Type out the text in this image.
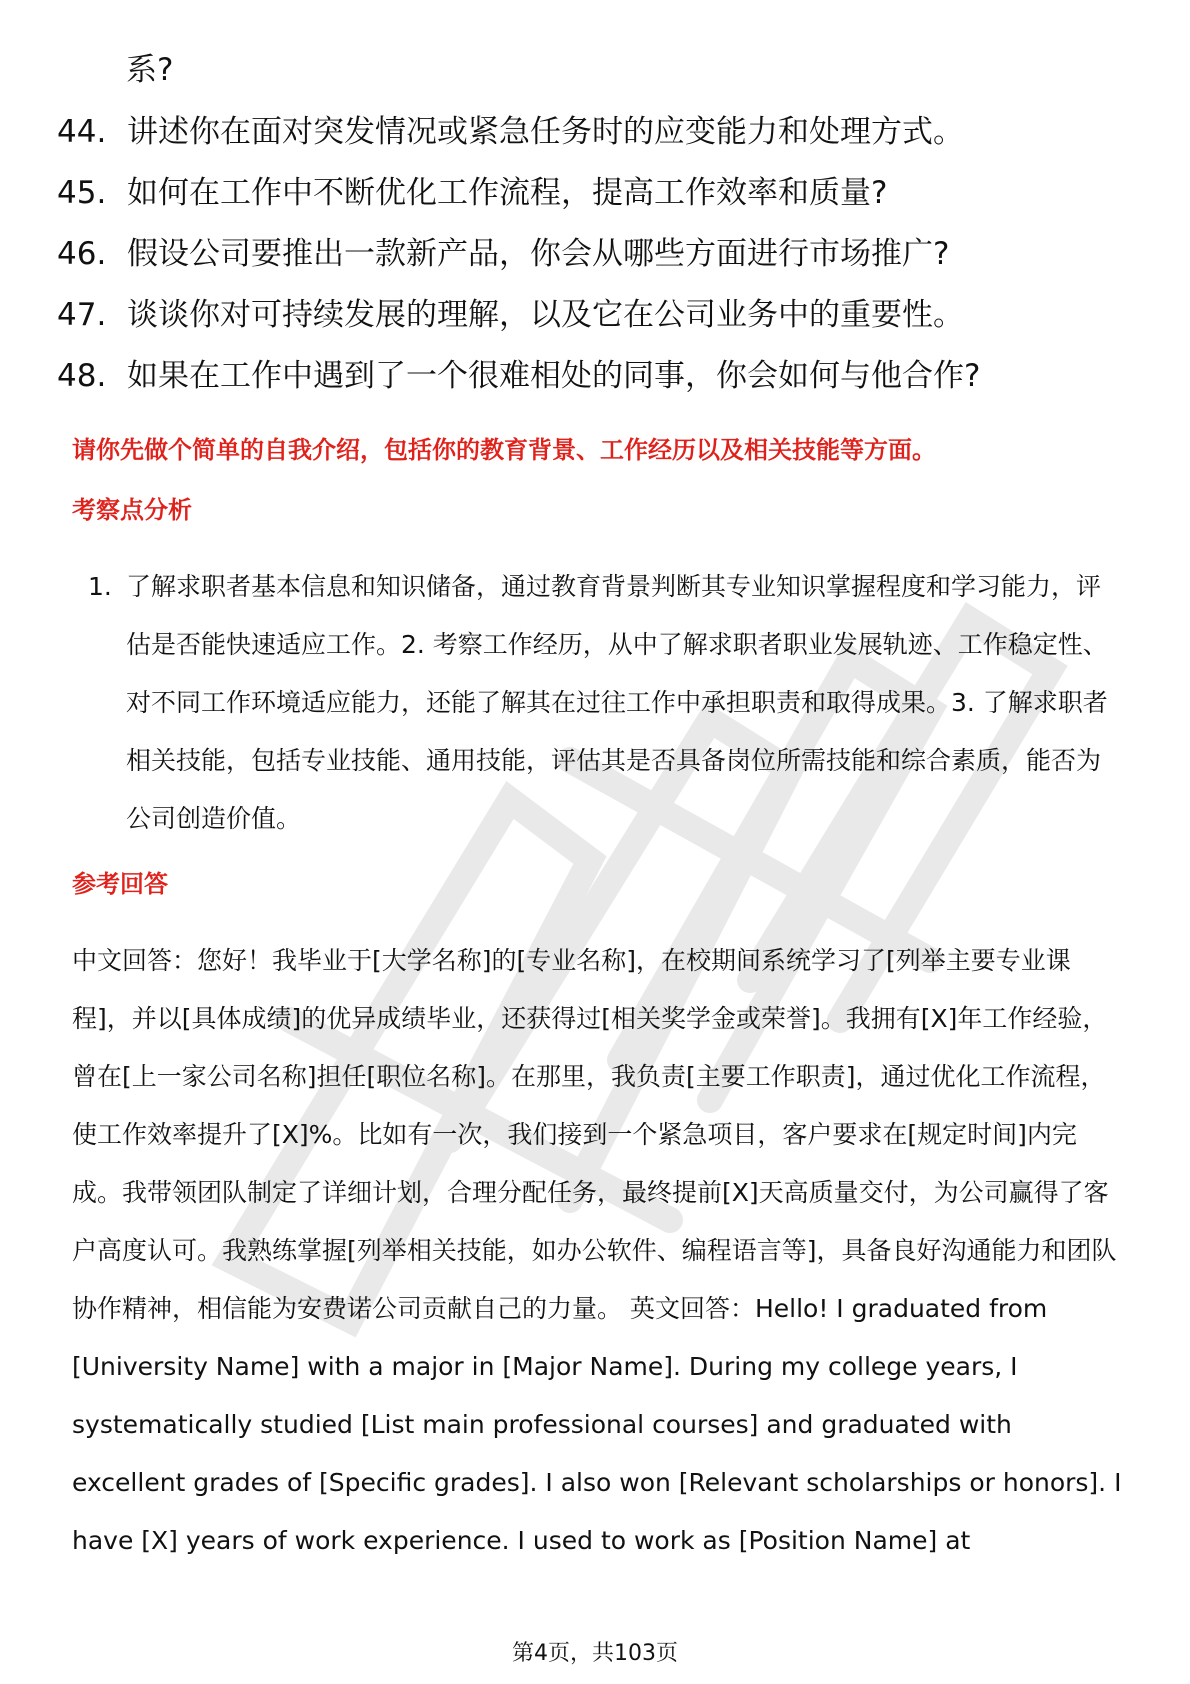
系?
44. 讲述你在面对突发情况或紧急任务时的应变能力和处理方式。
45. 如何在工作中不断优化工作流程，提高工作效率和质量?
46. 假设公司要推出一款新产品，你会从哪些方面进行市场推广?
47. 谈谈你对可持续发展的理解，以及它在公司业务中的重要性。
48. 如果在工作中遇到了一个很难相处的同事，你会如何与他合作?
请你先做个简单的自我介绍，包括你的教育背景、工作经历以及相关技能等方面。
考察点分析
1. 了解求职者基本信息和知识储备，通过教育背景判断其专业知识掌握程度和学习能力，评估是否能快速适应工作。2. 考察工作经历，从中了解求职者职业发展轨迹、工作稳定性、对不同工作环境适应能力，还能了解其在过往工作中承担职责和取得成果。3. 了解求职者相关技能，包括专业技能、通用技能，评估其是否具备岗位所需技能和综合素质，能否为公司创造价值。
参考回答
中文回答：您好！我毕业于[大学名称]的[专业名称]，在校期间系统学习了[列举主要专业课程]，并以[具体成绩]的优异成绩毕业，还获得过[相关奖学金或荣誉]。我拥有[X]年工作经验，曾在[上一家公司名称]担任[职位名称]。在那里，我负责[主要工作职责]，通过优化工作流程，使工作效率提升了[X]%。比如有一次，我们接到一个紧急项目，客户要求在[规定时间]内完成。我带领团队制定了详细计划，合理分配任务，最终提前[X]天高质量交付，为公司赢得了客户高度认可。我熟练掌握[列举相关技能，如办公软件、编程语言等]，具备良好沟通能力和团队协作精神，相信能为安费诺公司贡献自己的力量。 英文回答：Hello! I graduated from [University Name] with a major in [Major Name]. During my college years, I systematically studied [List main professional courses] and graduated with excellent grades of [Specific grades]. I also won [Relevant scholarships or honors]. I have [X] years of work experience. I used to work as [Position Name] at
第4页，共103页
